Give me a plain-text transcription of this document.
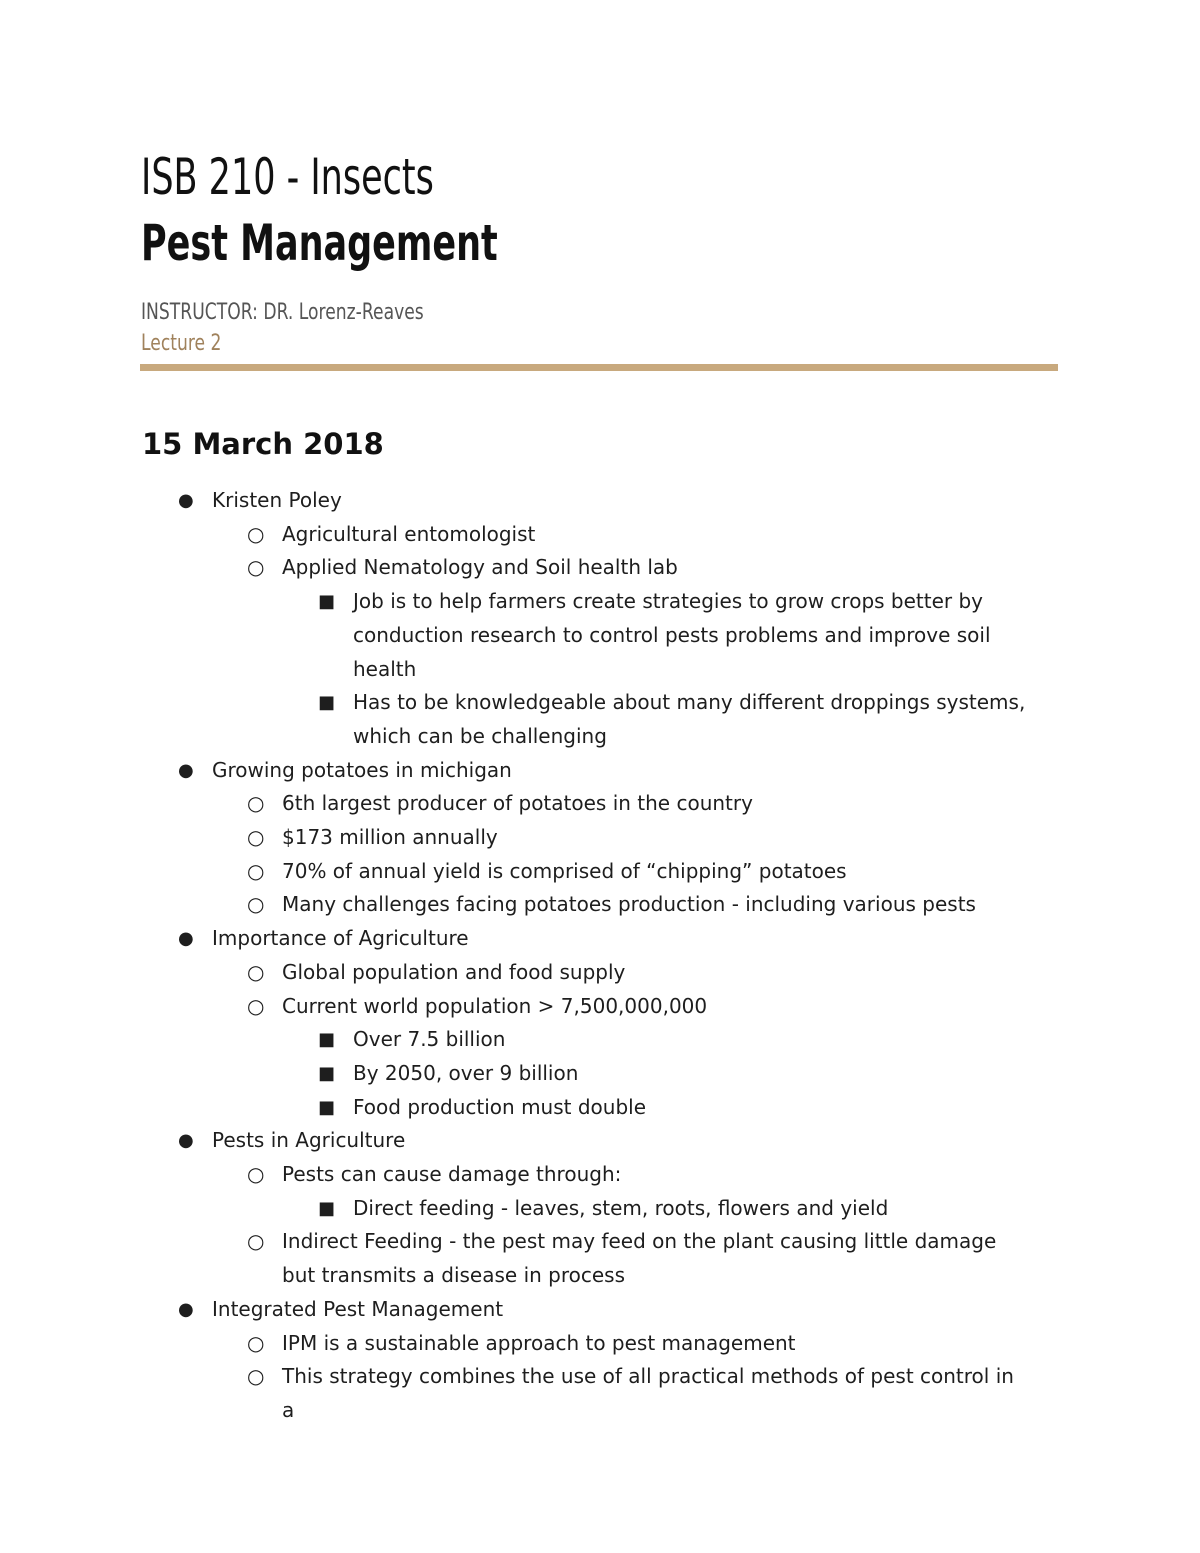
ISB 210 - Insects
Pest Management
INSTRUCTOR: DR. Lorenz-Reaves
Lecture 2
15 March 2018
● Kristen Poley
○ Agricultural entomologist
○ Applied Nematology and Soil health lab
■ Job is to help farmers create strategies to grow crops better by conduction research to control pests problems and improve soil health
■ Has to be knowledgeable about many different droppings systems, which can be challenging
● Growing potatoes in michigan
○ 6th largest producer of potatoes in the country
○ $173 million annually
○ 70% of annual yield is comprised of “chipping” potatoes
○ Many challenges facing potatoes production - including various pests
● Importance of Agriculture
○ Global population and food supply
○ Current world population > 7,500,000,000
■ Over 7.5 billion
■ By 2050, over 9 billion
■ Food production must double
● Pests in Agriculture
○ Pests can cause damage through:
■ Direct feeding - leaves, stem, roots, flowers and yield
○ Indirect Feeding - the pest may feed on the plant causing little damage but transmits a disease in process
● Integrated Pest Management
○ IPM is a sustainable approach to pest management
○ This strategy combines the use of all practical methods of pest control in a
